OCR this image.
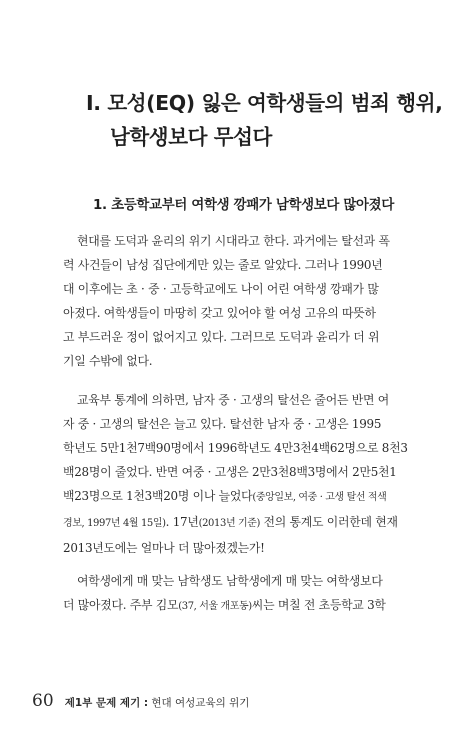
I. 모성(EQ) 잃은 여학생들의 범죄 행위,
남학생보다 무섭다
1. 초등학교부터 여학생 깡패가 남학생보다 많아졌다

현대를 도덕과 윤리의 위기 시대라고 한다. 과거에는 탈선과 폭
력 사건들이 남성 집단에게만 있는 줄로 알았다. 그러나 1990년
대 이후에는 초 · 중 · 고등학교에도 나이 어린 여학생 깡패가 많
아졌다. 여학생들이 마땅히 갖고 있어야 할 여성 고유의 따뜻하
고 부드러운 정이 없어지고 있다. 그러므로 도덕과 윤리가 더 위
기일 수밖에 없다.

교육부 통계에 의하면, 남자 중 · 고생의 탈선은 줄어든 반면 여
자 중 · 고생의 탈선은 늘고 있다. 탈선한 남자 중 · 고생은 1995
학년도 5만1천7백90명에서 1996학년도 4만3천4백62명으로 8천3
백28명이 줄었다. 반면 여중 · 고생은 2만3천8백3명에서 2만5천1
백23명으로 1천3백20명 이나 늘었다(중앙일보, 여중 · 고생 탈선 적색
경보, 1997년 4월 15일). 17년(2013년 기준) 전의 통계도 이러한데 현재
2013년도에는 얼마나 더 많아졌겠는가!

여학생에게 매 맞는 남학생도 남학생에게 매 맞는 여학생보다
더 많아졌다. 주부 김모(37, 서울 개포동)씨는 며칠 전 초등학교 3학

60 제1부 문제 제기 : 현대 여성교육의 위기
